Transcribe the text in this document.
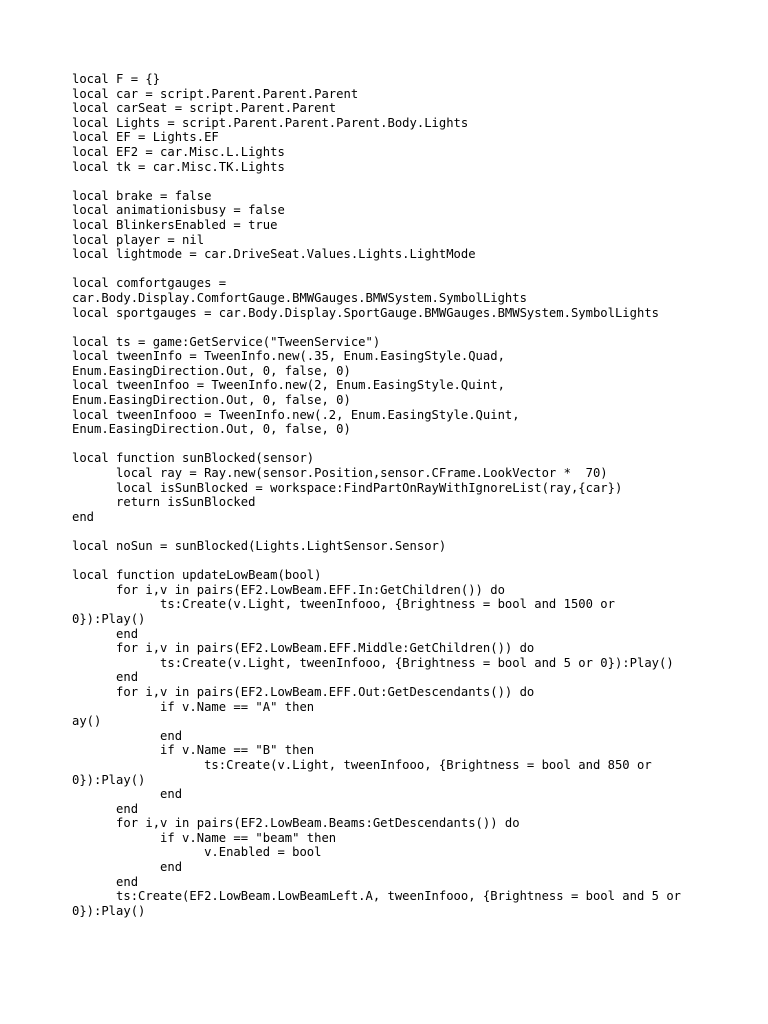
local F = {}
local car = script.Parent.Parent.Parent
local carSeat = script.Parent.Parent
local Lights = script.Parent.Parent.Parent.Body.Lights
local EF = Lights.EF
local EF2 = car.Misc.L.Lights
local tk = car.Misc.TK.Lights
local brake = false
local animationisbusy = false
local BlinkersEnabled = true
local player = nil
local lightmode = car.DriveSeat.Values.Lights.LightMode
local comfortgauges =
car.Body.Display.ComfortGauge.BMWGauges.BMWSystem.SymbolLights
local sportgauges = car.Body.Display.SportGauge.BMWGauges.BMWSystem.SymbolLights
local ts = game:GetService("TweenService")
local tweenInfo = TweenInfo.new(.35, Enum.EasingStyle.Quad,
Enum.EasingDirection.Out, 0, false, 0)
local tweenInfoo = TweenInfo.new(2, Enum.EasingStyle.Quint,
Enum.EasingDirection.Out, 0, false, 0)
local tweenInfooo = TweenInfo.new(.2, Enum.EasingStyle.Quint,
Enum.EasingDirection.Out, 0, false, 0)
local function sunBlocked(sensor)
local ray = Ray.new(sensor.Position,sensor.CFrame.LookVector *  70)
local isSunBlocked = workspace:FindPartOnRayWithIgnoreList(ray,{car})
return isSunBlocked
end
local noSun = sunBlocked(Lights.LightSensor.Sensor)
local function updateLowBeam(bool)
for i,v in pairs(EF2.LowBeam.EFF.In:GetChildren()) do
ts:Create(v.Light, tweenInfooo, {Brightness = bool and 1500 or
0}):Play()
end
for i,v in pairs(EF2.LowBeam.EFF.Middle:GetChildren()) do
ts:Create(v.Light, tweenInfooo, {Brightness = bool and 5 or 0}):Play()
end
for i,v in pairs(EF2.LowBeam.EFF.Out:GetDescendants()) do
if v.Name == "A" then
ay()
end
if v.Name == "B" then
ts:Create(v.Light, tweenInfooo, {Brightness = bool and 850 or
0}):Play()
end
end
for i,v in pairs(EF2.LowBeam.Beams:GetDescendants()) do
if v.Name == "beam" then
v.Enabled = bool
end
end
ts:Create(EF2.LowBeam.LowBeamLeft.A, tweenInfooo, {Brightness = bool and 5 or
0}):Play()
